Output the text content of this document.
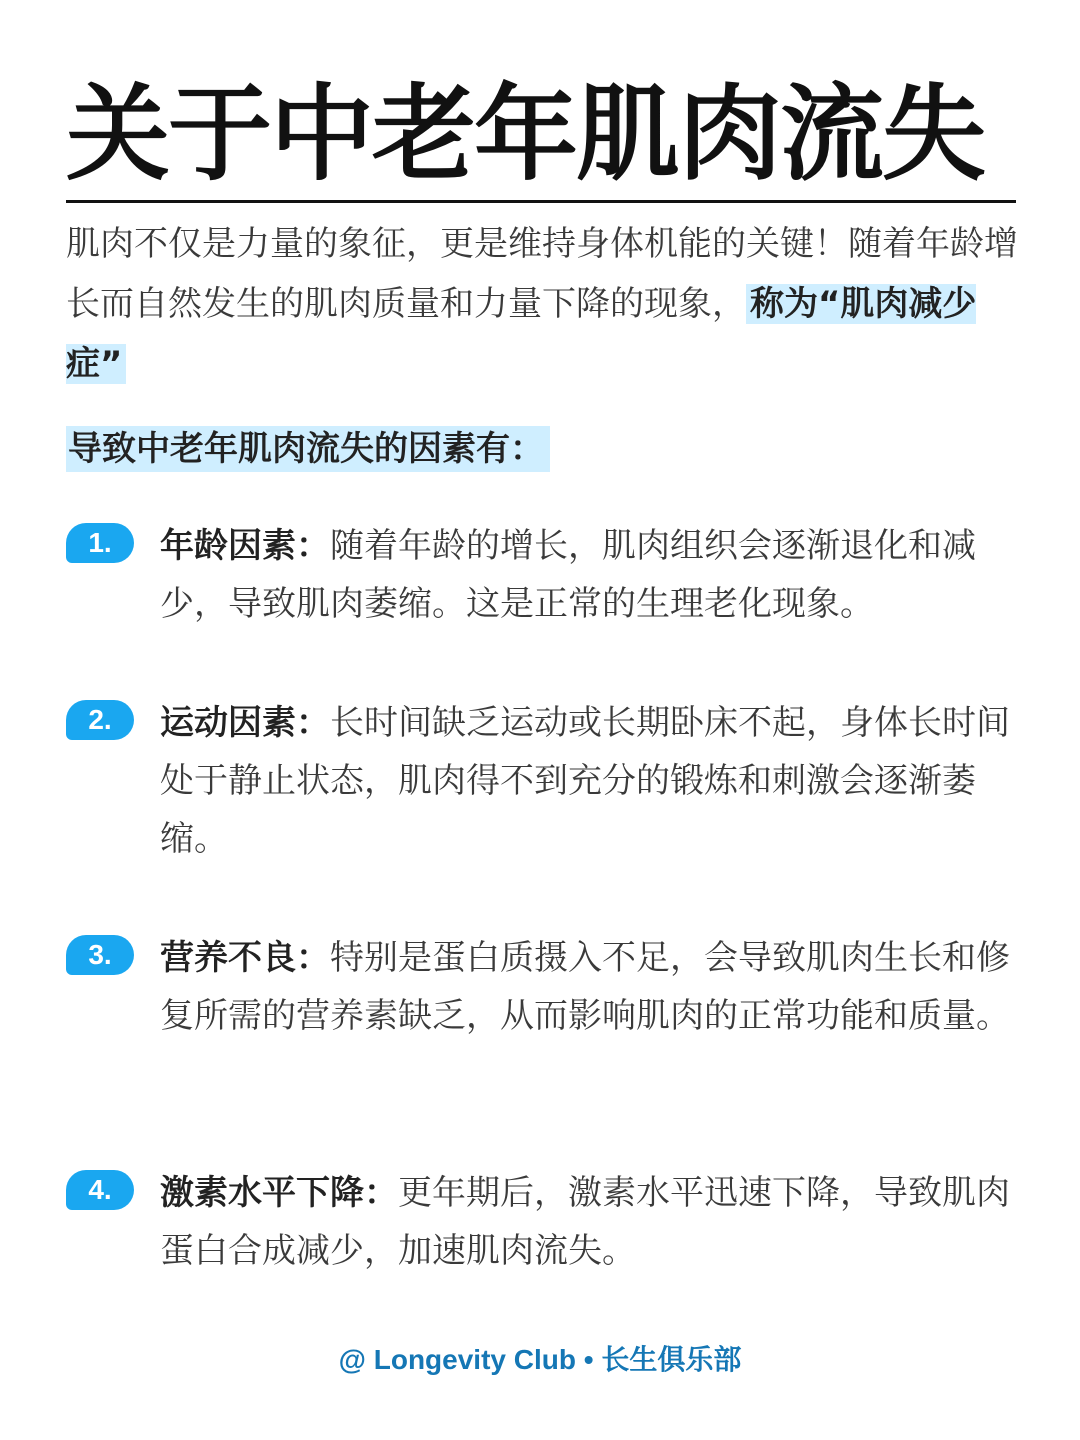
关于中老年肌肉流失

肌肉不仅是力量的象征，更是维持身体机能的关键！随着年龄增长而自然发生的肌肉质量和力量下降的现象， 称为“肌肉减少症”

导致中老年肌肉流失的因素有：
1.	年龄因素：随着年龄的增长，肌肉组织会逐渐退化和减少，导致肌肉萎缩。这是正常的生理老化现象。

2.	运动因素：长时间缺乏运动或长期卧床不起，身体长时间处于静止状态，肌肉得不到充分的锻炼和刺激会逐渐萎缩。

3.	营养不良：特别是蛋白质摄入不足，会导致肌肉生长和修复所需的营养素缺乏，从而影响肌肉的正常功能和质量。

4.	激素水平下降：更年期后，激素水平迅速下降，导致肌肉蛋白合成减少，加速肌肉流失。

@ Longevity Club • 长生俱乐部
